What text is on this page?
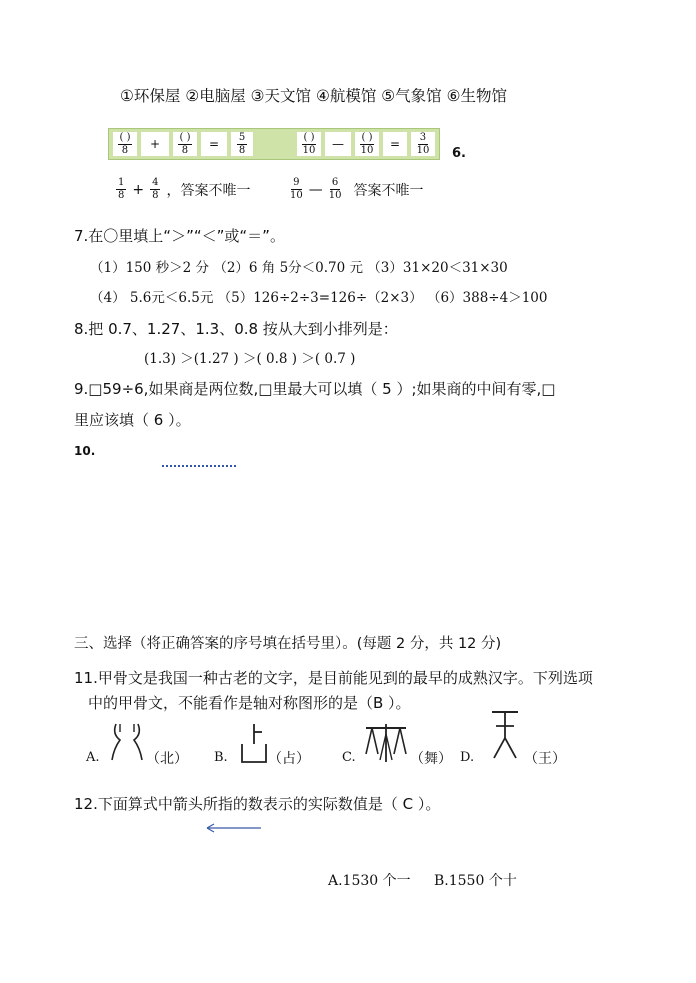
①环保屋 ②电脑屋 ③天文馆 ④航模馆 ⑤气象馆 ⑥生物馆
$\frac{( )}{8} + \frac{( )}{8} = \frac{5}{8}$	$\frac{( )}{10}$ — $\frac{( )}{10} = \frac{3}{10} 6$.
$\frac{1}{8} + \frac{4}{8}$ ，答案不唯一	$\frac{9}{10}$ — $\frac{6}{10}$ 答案不唯一
7.在〇里填上“＞”“＜”或“＝”。
（1）150 秒＞2 分 （2）6 角 5分＜0.70 元 （3）31×20＜31×30
（4） 5.6元＜6.5元 （5）126÷2÷3=126÷（2×3） （6）388÷4＞100
8.把 0.7、1.27、1.3、0.8 按从大到小排列是：
(1.3) ＞(1.27 ) ＞( 0.8 ) ＞( 0.7 )
9.□59÷6,如果商是两位数,□里最大可以填（ 5 ）;如果商的中间有零,□
里应该填（ 6 ）。
10.
三、选择（将正确答案的序号填在括号里）。(每题 2 分，共 12 分)
11.甲骨文是我国一种古老的文字，是目前能见到的最早的成熟汉字。下列选项
中的甲骨文，不能看作是轴对称图形的是（B ）。
A.	（北） B.	（占） C.	（舞） D.	（王）
12.下面算式中箭头所指的数表示的实际数值是（ C ）。
A.1530 个一 B.1550 个十
